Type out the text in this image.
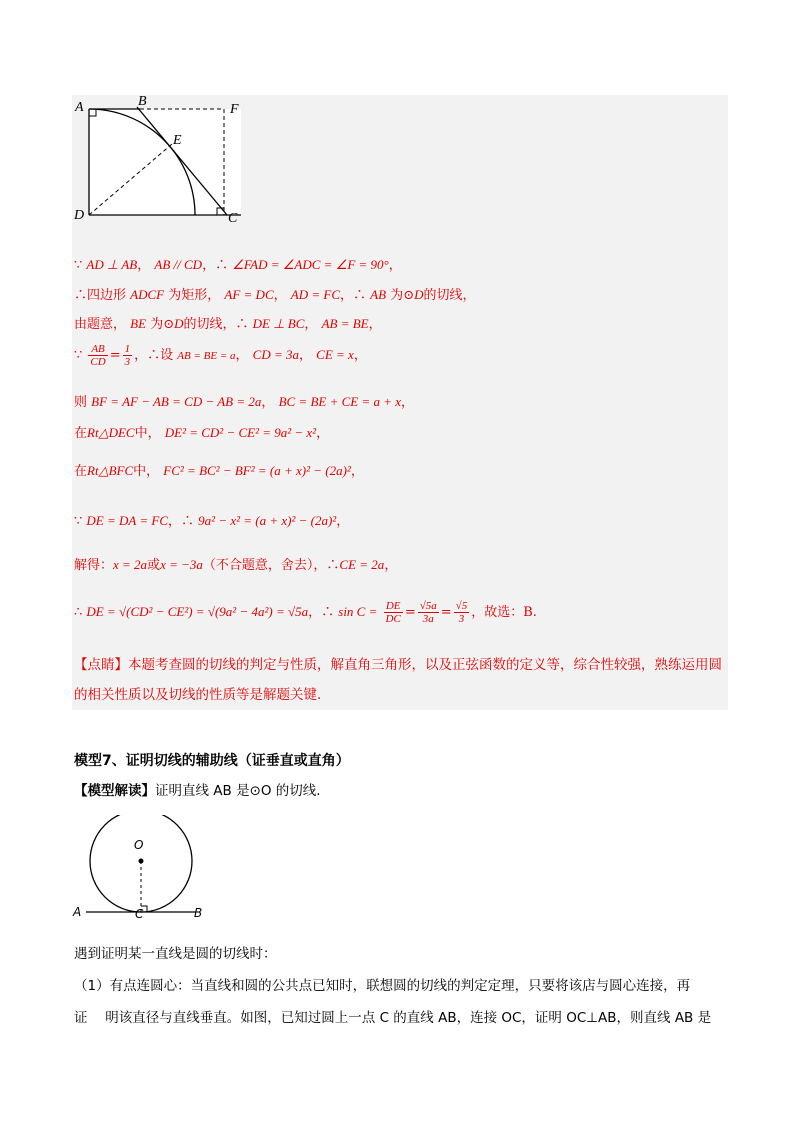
A	B
F
E
D	C
∵ AD ⊥ AB， AB // CD，∴ ∠FAD = ∠ADC = ∠F = 90°，
∴四边形 ADCF 为矩形， AF = DC， AD = FC，∴ AB 为⊙D的切线，
由题意， BE 为⊙D的切线，∴ DE ⊥ BC， AB = BE，
∵ $\frac{AB}{CD} = \frac{1}{3}$ ，∴设 AB = BE = a， CD = 3a， CE = x，
则 BF = AF − AB = CD − AB = 2a， BC = BE + CE = a + x，
在Rt△DEC中， DE² = CD² − CE² = 9a² − x²，
在Rt△BFC中， FC² = BC² − BF² = (a + x)² − (2a)²，
∵ DE = DA = FC，∴ 9a² − x² = (a + x)² − (2a)²，
解得：x = 2a或x = −3a（不合题意，舍去），∴CE = 2a，
∴ DE = √(CD² − CE²) = √(9a² − 4a²) = √5a，∴ $\sin C = \frac{DE}{DC} = \frac{√5a}{3a} = \frac{√5}{3}$ ，故选：B.
【点睛】本题考查圆的切线的判定与性质，解直角三角形，以及正弦函数的定义等，综合性较强，熟练运用圆的相关性质以及切线的性质等是解题关键.
模型7、证明切线的辅助线（证垂直或直角）
【模型解读】证明直线 AB 是⊙O 的切线.
O
A	C	B
遇到证明某一直线是圆的切线时：
（1）有点连圆心：当直线和圆的公共点已知时，联想圆的切线的判定定理，只要将该店与圆心连接，再
证　 明该直径与直线垂直。如图，已知过圆上一点 C 的直线 AB，连接 OC，证明 OC⊥AB，则直线 AB 是
